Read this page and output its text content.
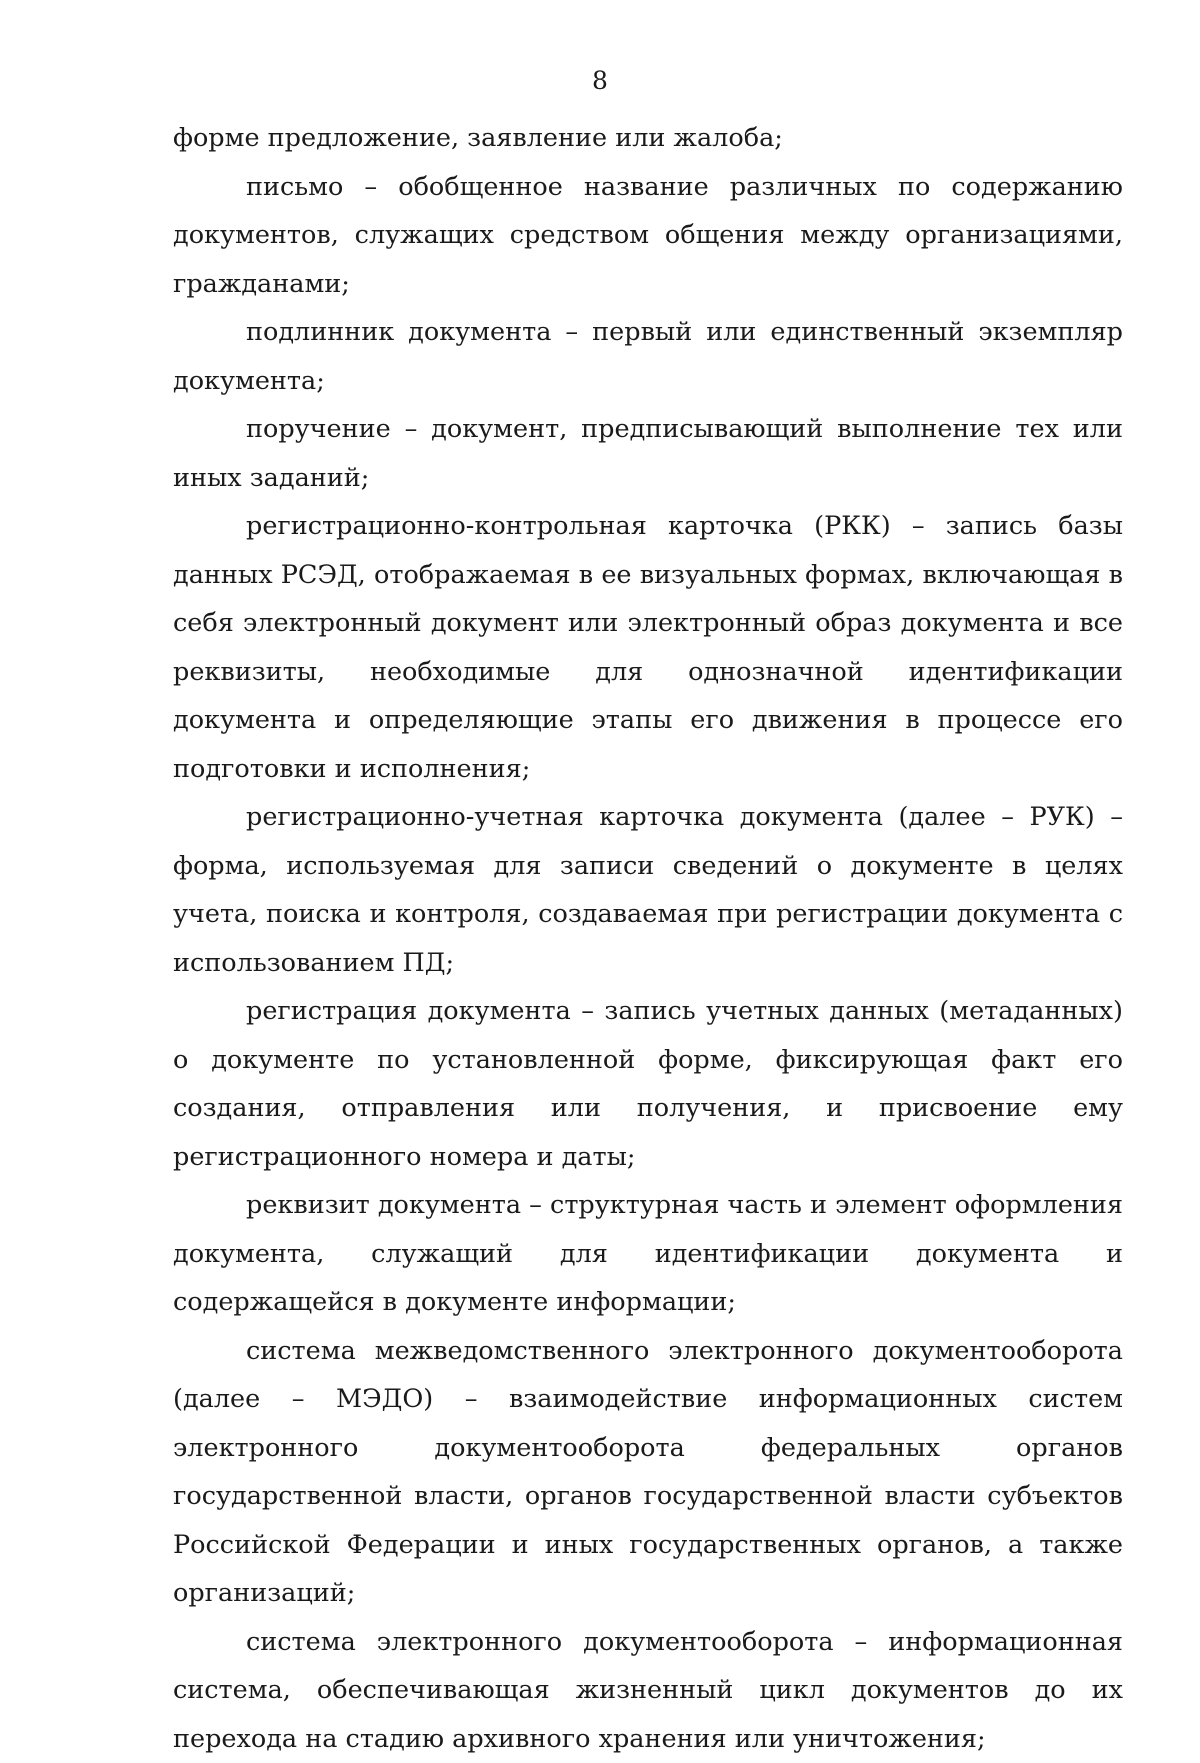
8

форме предложение, заявление или жалоба;

письмо – обобщенное название различных по содержанию документов, служащих средством общения между организациями, гражданами;

подлинник документа – первый или единственный экземпляр документа;

поручение – документ, предписывающий выполнение тех или иных заданий;

регистрационно-контрольная карточка (РКК) – запись базы данных РСЭД, отображаемая в ее визуальных формах, включающая в себя электронный документ или электронный образ документа и все реквизиты, необходимые для однозначной идентификации документа и определяющие этапы его движения в процессе его подготовки и исполнения;

регистрационно-учетная карточка документа (далее – РУК) – форма, используемая для записи сведений о документе в целях учета, поиска и контроля, создаваемая при регистрации документа с использованием ПД;

регистрация документа – запись учетных данных (метаданных) о документе по установленной форме, фиксирующая факт его создания, отправления или получения, и присвоение ему регистрационного номера и даты;

реквизит документа – структурная часть и элемент оформления документа, служащий для идентификации документа и содержащейся в документе информации;

система межведомственного электронного документооборота (далее – МЭДО) – взаимодействие информационных систем электронного документооборота федеральных органов государственной власти, органов государственной власти субъектов Российской Федерации и иных государственных органов, а также организаций;

система электронного документооборота – информационная система, обеспечивающая жизненный цикл документов до их перехода на стадию архивного хранения или уничтожения;
